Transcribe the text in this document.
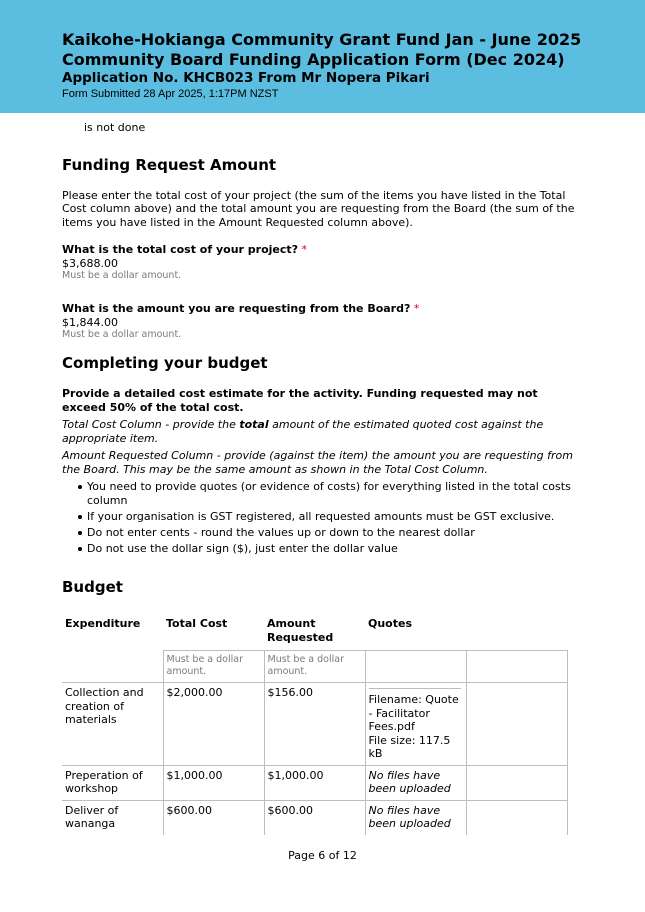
Kaikohe-Hokianga Community Grant Fund Jan - June 2025
Community Board Funding Application Form (Dec 2024)
Application No. KHCB023 From Mr Nopera Pikari
Form Submitted 28 Apr 2025, 1:17PM NZST
is not done
Funding Request Amount
Please enter the total cost of your project (the sum of the items you have listed in the Total Cost column above) and the total amount you are requesting from the Board (the sum of the items you have listed in the Amount Requested column above).
What is the total cost of your project? *
$3,688.00
Must be a dollar amount.
What is the amount you are requesting from the Board? *
$1,844.00
Must be a dollar amount.
Completing your budget
Provide a detailed cost estimate for the activity. Funding requested may not exceed 50% of the total cost.
Total Cost Column - provide the total amount of the estimated quoted cost against the appropriate item.
Amount Requested Column - provide (against the item) the amount you are requesting from the Board. This may be the same amount as shown in the Total Cost Column.
You need to provide quotes (or evidence of costs) for everything listed in the total costs column
If your organisation is GST registered, all requested amounts must be GST exclusive.
Do not enter cents - round the values up or down to the nearest dollar
Do not use the dollar sign ($), just enter the dollar value
Budget
Expenditure	Total Cost	Amount Requested	Quotes	
	Must be a dollar amount.	Must be a dollar amount.		
Collection and creation of materials	$2,000.00	$156.00	Filename: Quote - Facilitator Fees.pdf
File size: 117.5 kB	

Preperation of workshop	$1,000.00	$1,000.00	No files have been uploaded	
Deliver of wananga	$600.00	$600.00	No files have been uploaded	
Page 6 of 12
